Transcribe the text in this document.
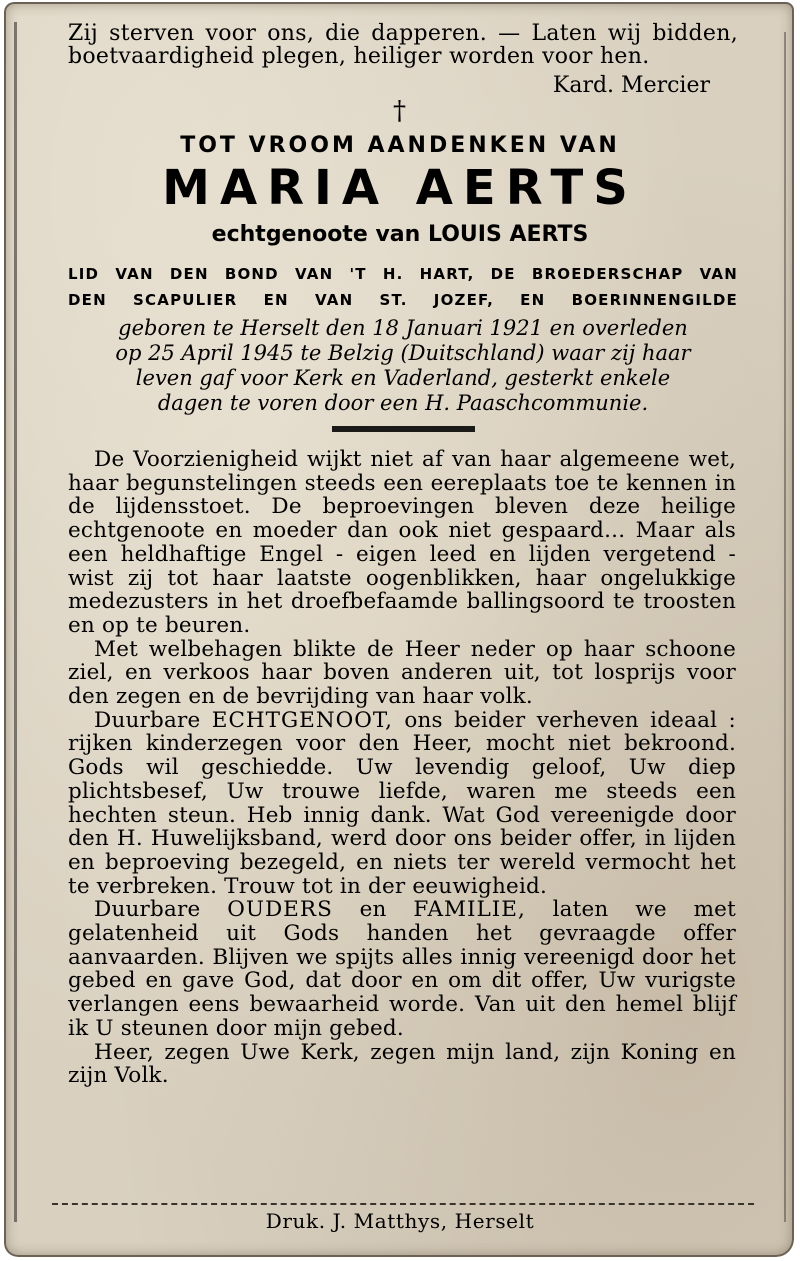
Zij sterven voor ons, die dapperen. — Laten wij bidden, boetvaardigheid plegen, heiliger worden voor hen.
Kard. Mercier
†
TOT VROOM AANDENKEN VAN
MARIA AERTS
echtgenoote van LOUIS AERTS
LID VAN DEN BOND VAN 'T H. HART, DE BROEDERSCHAP VAN
DEN SCAPULIER EN VAN ST. JOZEF, EN BOERINNENGILDE
geboren te Herselt den 18 Januari 1921 en overleden
op 25 April 1945 te Belzig (Duitschland) waar zij haar
leven gaf voor Kerk en Vaderland, gesterkt enkele
dagen te voren door een H. Paaschcommunie.

De Voorzienigheid wijkt niet af van haar algemeene wet, haar begunstelingen steeds een eereplaats toe te kennen in de lijdensstoet. De beproevingen bleven deze heilige echtgenoote en moeder dan ook niet gespaard... Maar als een heldhaftige Engel - eigen leed en lijden vergetend - wist zij tot haar laatste oogenblikken, haar ongelukkige medezusters in het droefbefaamde ballingsoord te troosten en op te beuren.

Met welbehagen blikte de Heer neder op haar schoone ziel, en verkoos haar boven anderen uit, tot losprijs voor den zegen en de bevrijding van haar volk.

Duurbare ECHTGENOOT, ons beider verheven ideaal : rijken kinderzegen voor den Heer, mocht niet bekroond. Gods wil geschiedde. Uw levendig geloof, Uw diep plichtsbesef, Uw trouwe liefde, waren me steeds een hechten steun. Heb innig dank. Wat God vereenigde door den H. Huwelijksband, werd door ons beider offer, in lijden en beproeving bezegeld, en niets ter wereld vermocht het te verbreken. Trouw tot in der eeuwigheid.

Duurbare OUDERS en FAMILIE, laten we met gelatenheid uit Gods handen het gevraagde offer aanvaarden. Blijven we spijts alles innig vereenigd door het gebed en gave God, dat door en om dit offer, Uw vurigste verlangen eens bewaarheid worde. Van uit den hemel blijf ik U steunen door mijn gebed.

Heer, zegen Uwe Kerk, zegen mijn land, zijn Koning en zijn Volk.

Druk. J. Matthys, Herselt
